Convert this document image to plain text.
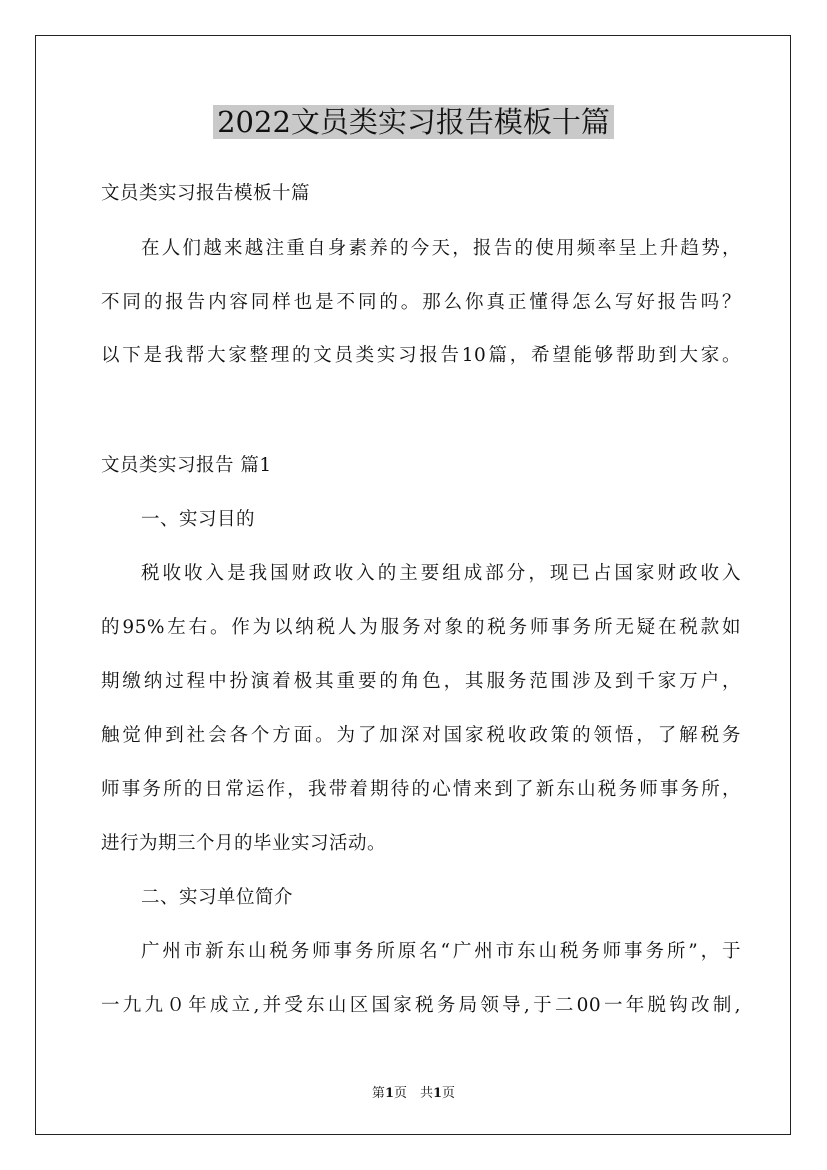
2022文员类实习报告模板十篇
文员类实习报告模板十篇
在人们越来越注重自身素养的今天，报告的使用频率呈上升趋势，
不同的报告内容同样也是不同的。那么你真正懂得怎么写好报告吗？
以下是我帮大家整理的文员类实习报告10篇，希望能够帮助到大家。
文员类实习报告 篇1
一、实习目的
税收收入是我国财政收入的主要组成部分，现已占国家财政收入
的95%左右。作为以纳税人为服务对象的税务师事务所无疑在税款如
期缴纳过程中扮演着极其重要的角色，其服务范围涉及到千家万户，
触觉伸到社会各个方面。为了加深对国家税收政策的领悟，了解税务
师事务所的日常运作，我带着期待的心情来到了新东山税务师事务所，
进行为期三个月的毕业实习活动。
二、实习单位简介
广州市新东山税务师事务所原名“广州市东山税务师事务所”，于
一九九０年成立,并受东山区国家税务局领导,于二00一年脱钩改制,
第1页　共1页
